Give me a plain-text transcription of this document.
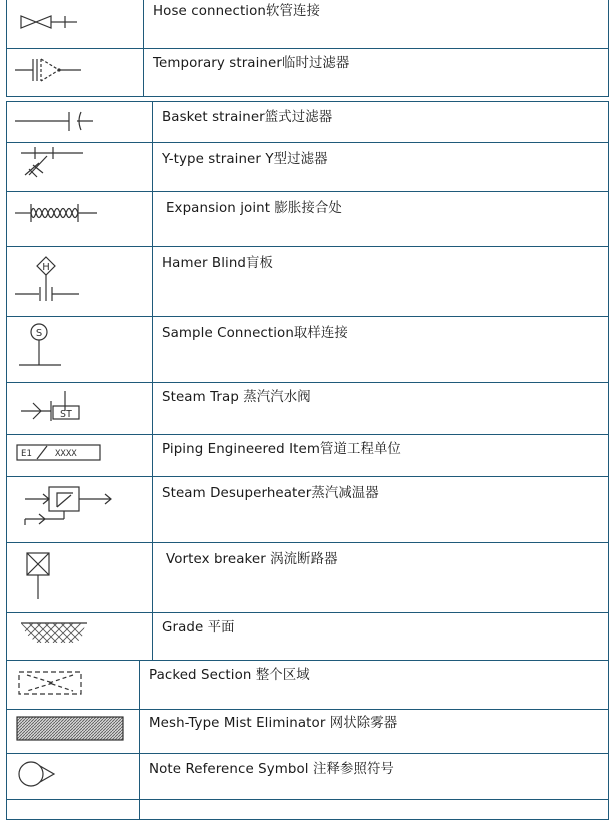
Hose connection软管连接

Temporary strainer临时过滤器

Basket strainer篮式过滤器

Y-type strainer Y型过滤器

Expansion joint 膨胀接合处

H	Hamer Blind肓板

S	Sample Connection取样连接

ST	Steam Trap 蒸汽汽水阀

E1 XXXX	Piping Engineered Item管道工程单位

Steam Desuperheater蒸汽减温器

Vortex breaker 涡流断路器

Grade 平面

Packed Section 整个区域

Mesh-Type Mist Eliminator 网状除雾器

Note Reference Symbol 注释参照符号
